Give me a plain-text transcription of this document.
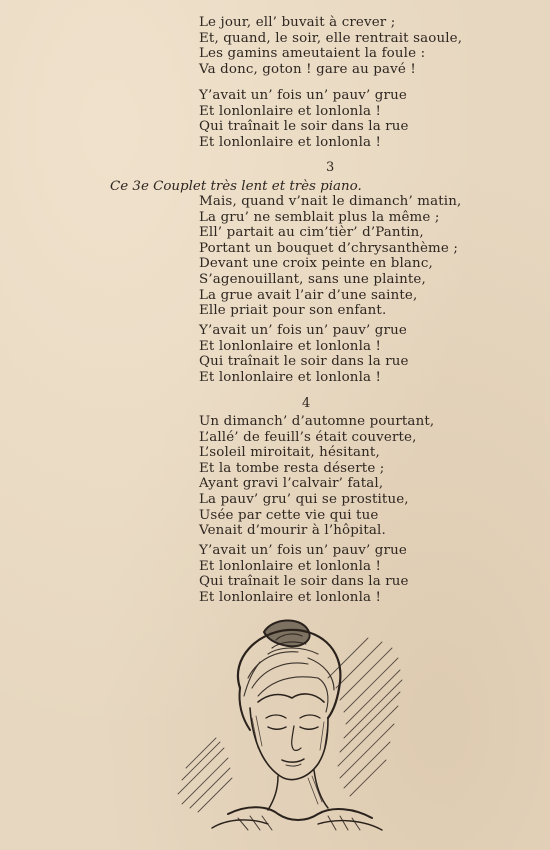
Le jour, ell’ buvait à crever ;
Et, quand, le soir, elle rentrait saoule,
Les gamins ameutaient la foule :
Va donc, goton ! gare au pavé !
Y’avait un’ fois un’ pauv’ grue
Et lonlonlaire et lonlonla !
Qui traînait le soir dans la rue
Et lonlonlaire et lonlonla !
3
Ce 3e Couplet très lent et très piano.
Mais, quand v’nait le dimanch’ matin,
La gru’ ne semblait plus la même ;
Ell’ partait au cim’tièr’ d’Pantin,
Portant un bouquet d’chrysanthème ;
Devant une croix peinte en blanc,
S’agenouillant, sans une plainte,
La grue avait l’air d’une sainte,
Elle priait pour son enfant.
Y’avait un’ fois un’ pauv’ grue
Et lonlonlaire et lonlonla !
Qui traînait le soir dans la rue
Et lonlonlaire et lonlonla !
4
Un dimanch’ d’automne pourtant,
L’allé’ de feuill’s était couverte,
L’soleil miroitait, hésitant,
Et la tombe resta déserte ;
Ayant gravi l’calvair’ fatal,
La pauv’ gru’ qui se prostitue,
Usée par cette vie qui tue
Venait d’mourir à l’hôpital.
Y’avait un’ fois un’ pauv’ grue
Et lonlonlaire et lonlonla !
Qui traînait le soir dans la rue
Et lonlonlaire et lonlonla !
